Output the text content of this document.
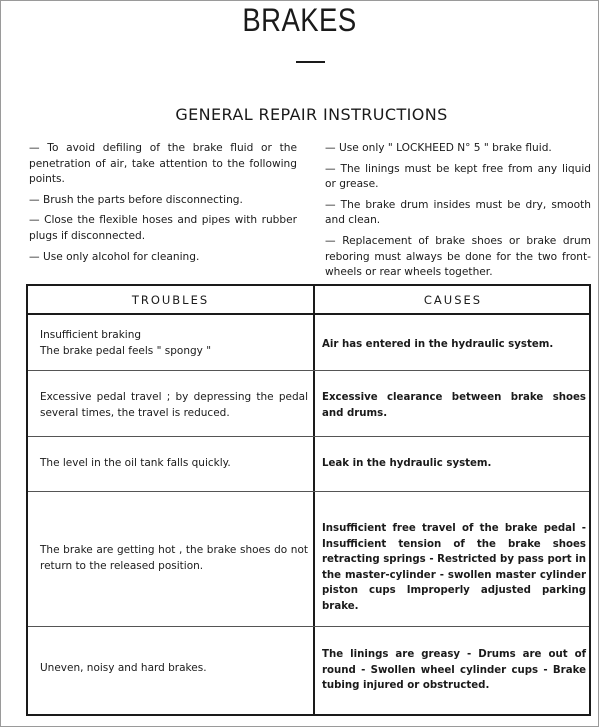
BRAKES
GENERAL REPAIR INSTRUCTIONS

— To avoid defiling of the brake fluid or the penetration of air, take attention to the following points.

— Brush the parts before disconnecting.

— Close the flexible hoses and pipes with rubber plugs if disconnected.

— Use only alcohol for cleaning.

— Use only " LOCKHEED N° 5 " brake fluid.

— The linings must be kept free from any liquid or grease.

— The brake drum insides must be dry, smooth and clean.

— Replacement of brake shoes or brake drum reboring must always be done for the two front-wheels or rear wheels together.

TROUBLES	CAUSES
Insufficient braking
The brake pedal feels " spongy "
Air has entered in the hydraulic system.
Excessive pedal travel ; by depressing the pedal several times, the travel is reduced.
Excessive clearance between brake shoes and drums.
The level in the oil tank falls quickly.	Leak in the hydraulic system.
The brake are getting hot , the brake shoes do not return to the released position.
Insufficient free travel of the brake pedal - Insufficient tension of the brake shoes retracting springs - Restricted by pass port in the master-cylinder - swollen master cylinder piston cups Improperly adjusted parking brake.
Uneven, noisy and hard brakes.
The linings are greasy - Drums are out of round - Swollen wheel cylinder cups - Brake tubing injured or obstructed.
